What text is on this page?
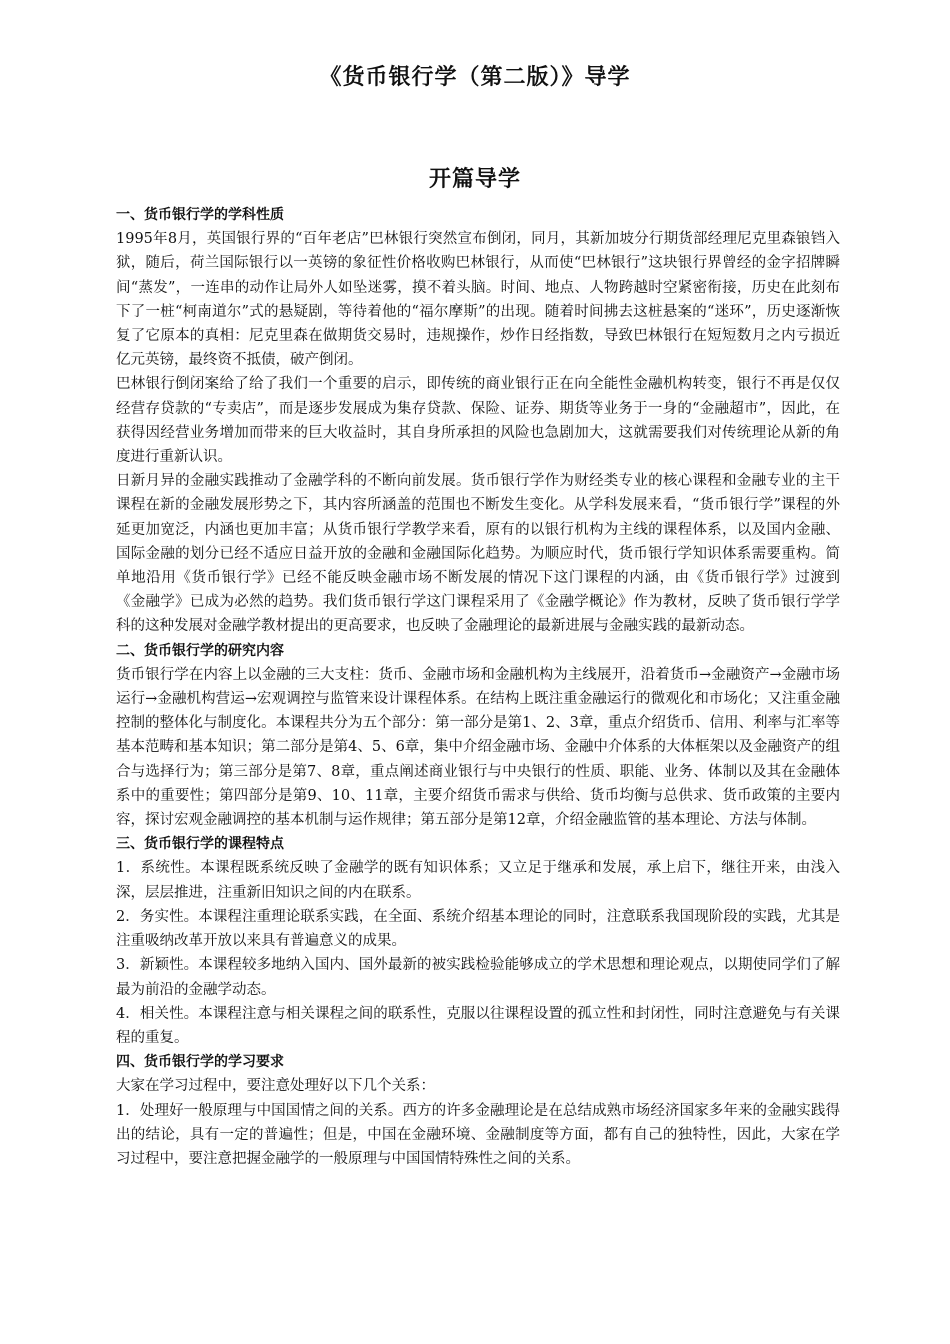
《货币银行学（第二版）》导学
开篇导学

一、货币银行学的学科性质

1995年8月，英国银行界的“百年老店”巴林银行突然宣布倒闭，同月，其新加坡分行期货部经理尼克里森锒铛入狱，随后，荷兰国际银行以一英镑的象征性价格收购巴林银行，从而使“巴林银行”这块银行界曾经的金字招牌瞬间“蒸发”，一连串的动作让局外人如坠迷雾，摸不着头脑。时间、地点、人物跨越时空紧密衔接，历史在此刻布下了一桩“柯南道尔”式的悬疑剧，等待着他的“福尔摩斯”的出现。随着时间拂去这桩悬案的“迷环”，历史逐渐恢复了它原本的真相：尼克里森在做期货交易时，违规操作，炒作日经指数，导致巴林银行在短短数月之内亏损近亿元英镑，最终资不抵债，破产倒闭。

巴林银行倒闭案给了给了我们一个重要的启示，即传统的商业银行正在向全能性金融机构转变，银行不再是仅仅经营存贷款的“专卖店”，而是逐步发展成为集存贷款、保险、证券、期货等业务于一身的“金融超市”，因此，在获得因经营业务增加而带来的巨大收益时，其自身所承担的风险也急剧加大，这就需要我们对传统理论从新的角度进行重新认识。

日新月异的金融实践推动了金融学科的不断向前发展。货币银行学作为财经类专业的核心课程和金融专业的主干课程在新的金融发展形势之下，其内容所涵盖的范围也不断发生变化。从学科发展来看，“货币银行学”课程的外延更加宽泛，内涵也更加丰富；从货币银行学教学来看，原有的以银行机构为主线的课程体系，以及国内金融、国际金融的划分已经不适应日益开放的金融和金融国际化趋势。为顺应时代，货币银行学知识体系需要重构。简单地沿用《货币银行学》已经不能反映金融市场不断发展的情况下这门课程的内涵，由《货币银行学》过渡到《金融学》已成为必然的趋势。我们货币银行学这门课程采用了《金融学概论》作为教材，反映了货币银行学学科的这种发展对金融学教材提出的更高要求，也反映了金融理论的最新进展与金融实践的最新动态。

二、货币银行学的研究内容

货币银行学在内容上以金融的三大支柱：货币、金融市场和金融机构为主线展开，沿着货币→金融资产→金融市场运行→金融机构营运→宏观调控与监管来设计课程体系。在结构上既注重金融运行的微观化和市场化；又注重金融控制的整体化与制度化。本课程共分为五个部分：第一部分是第1、2、3章，重点介绍货币、信用、利率与汇率等基本范畴和基本知识；第二部分是第4、5、6章，集中介绍金融市场、金融中介体系的大体框架以及金融资产的组合与选择行为；第三部分是第7、8章，重点阐述商业银行与中央银行的性质、职能、业务、体制以及其在金融体系中的重要性；第四部分是第9、10、11章，主要介绍货币需求与供给、货币均衡与总供求、货币政策的主要内容，探讨宏观金融调控的基本机制与运作规律；第五部分是第12章，介绍金融监管的基本理论、方法与体制。

三、货币银行学的课程特点

1．系统性。本课程既系统反映了金融学的既有知识体系；又立足于继承和发展，承上启下，继往开来，由浅入深，层层推进，注重新旧知识之间的内在联系。

2．务实性。本课程注重理论联系实践，在全面、系统介绍基本理论的同时，注意联系我国现阶段的实践，尤其是注重吸纳改革开放以来具有普遍意义的成果。

3．新颖性。本课程较多地纳入国内、国外最新的被实践检验能够成立的学术思想和理论观点，以期使同学们了解最为前沿的金融学动态。

4．相关性。本课程注意与相关课程之间的联系性，克服以往课程设置的孤立性和封闭性，同时注意避免与有关课程的重复。

四、货币银行学的学习要求

大家在学习过程中，要注意处理好以下几个关系：

1．处理好一般原理与中国国情之间的关系。西方的许多金融理论是在总结成熟市场经济国家多年来的金融实践得出的结论，具有一定的普遍性；但是，中国在金融环境、金融制度等方面，都有自己的独特性，因此，大家在学习过程中，要注意把握金融学的一般原理与中国国情特殊性之间的关系。
